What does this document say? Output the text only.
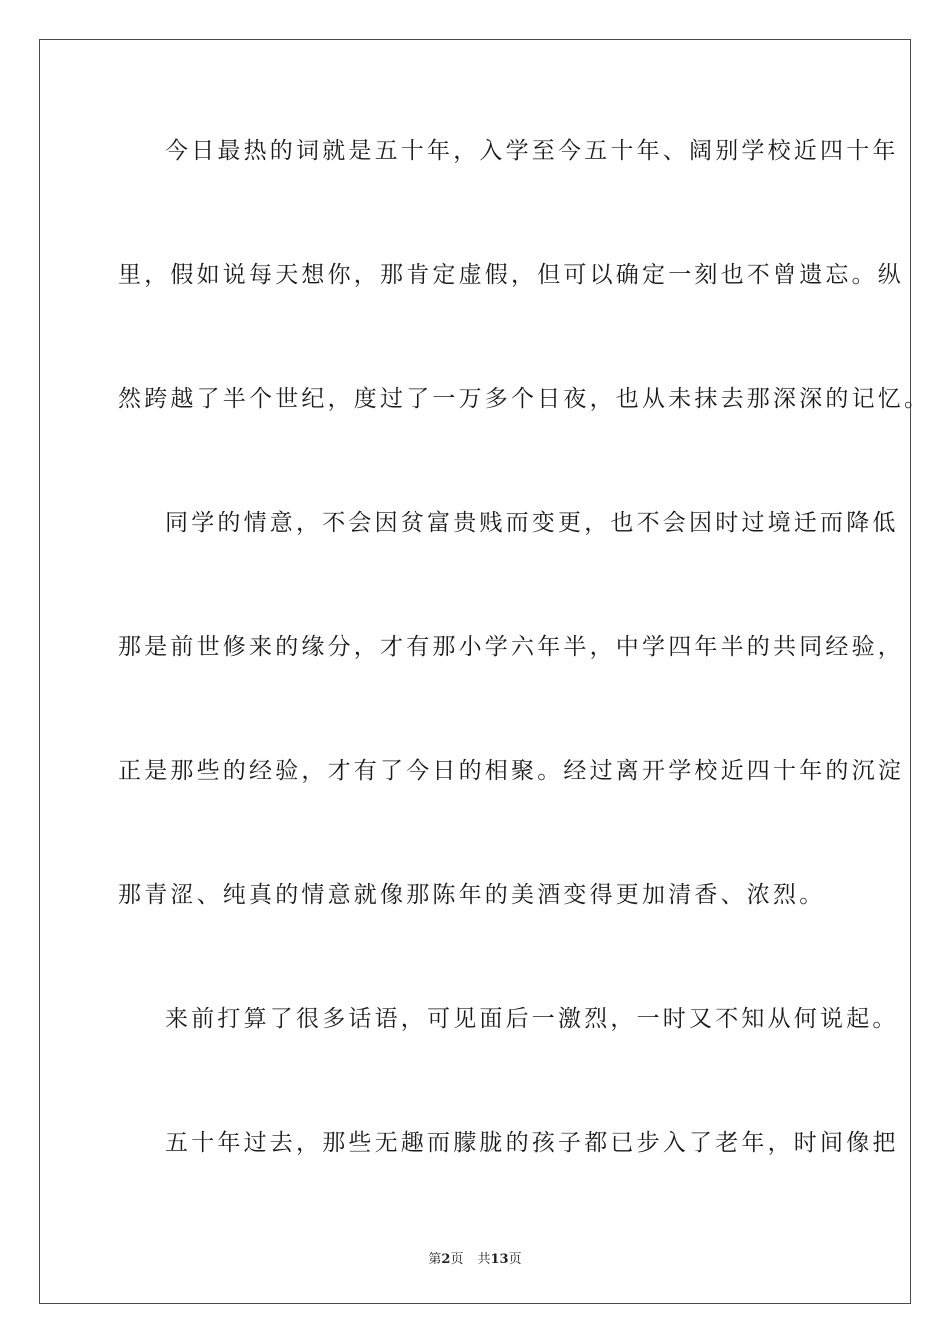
今日最热的词就是五十年，入学至今五十年、阔别学校近四十年
里，假如说每天想你，那肯定虚假，但可以确定一刻也不曾遗忘。纵
然跨越了半个世纪，度过了一万多个日夜，也从未抹去那深深的记忆。
同学的情意，不会因贫富贵贱而变更，也不会因时过境迁而降低
那是前世修来的缘分，才有那小学六年半，中学四年半的共同经验，
正是那些的经验，才有了今日的相聚。经过离开学校近四十年的沉淀
那青涩、纯真的情意就像那陈年的美酒变得更加清香、浓烈。
来前打算了很多话语，可见面后一激烈，一时又不知从何说起。
五十年过去，那些无趣而朦胧的孩子都已步入了老年，时间像把
第2页 共13页
